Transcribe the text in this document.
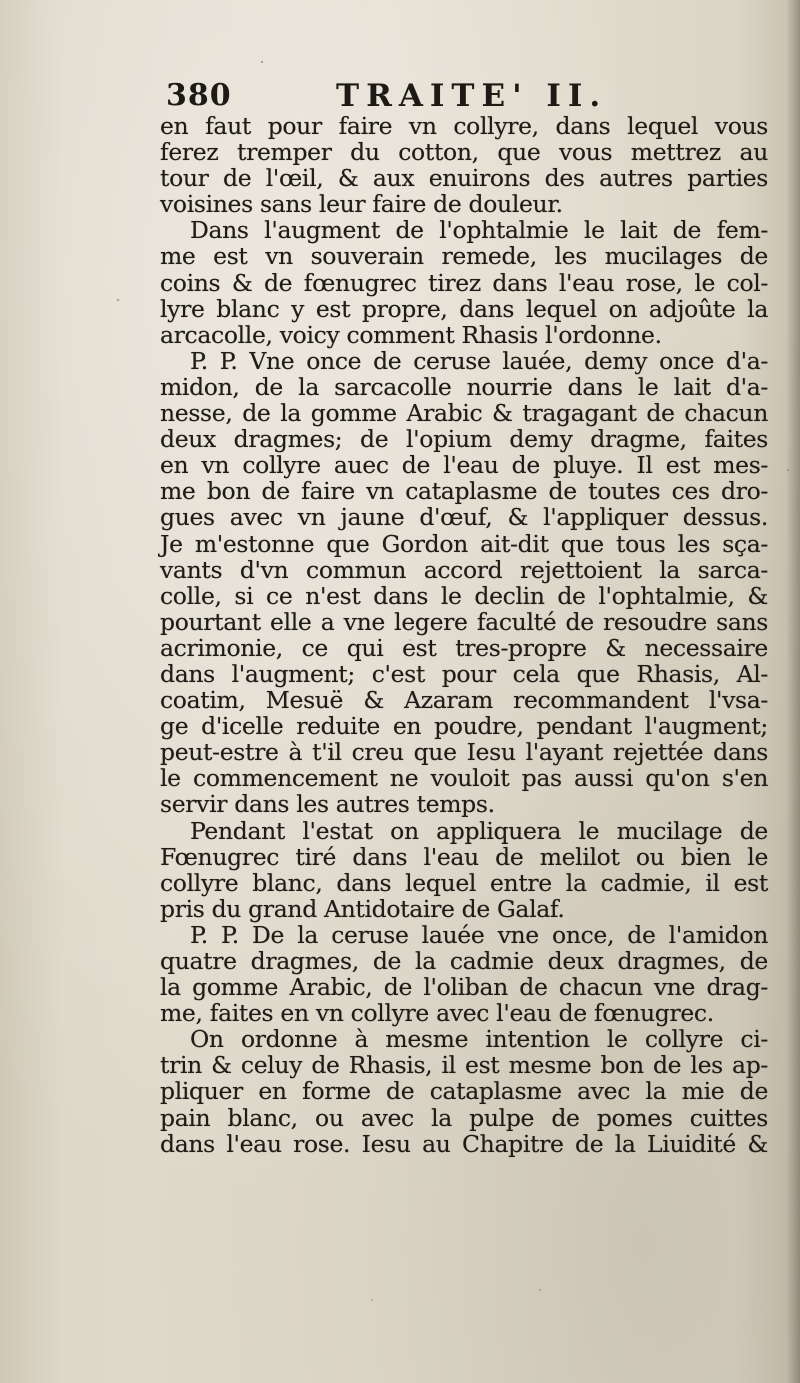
380	TRAITE' II.
en faut pour faire vn collyre, dans lequel vous
ferez tremper du cotton, que vous mettrez au
tour de l'œil, & aux enuirons des autres parties
voisines sans leur faire de douleur.
Dans l'augment de l'ophtalmie le lait de fem-
me est vn souverain remede, les mucilages de
coins & de fœnugrec tirez dans l'eau rose, le col-
lyre blanc y est propre, dans lequel on adjoûte la
arcacolle, voicy comment Rhasis l'ordonne.
P. P. Vne once de ceruse lauée, demy once d'a-
midon, de la sarcacolle nourrie dans le lait d'a-
nesse, de la gomme Arabic & tragagant de chacun
deux dragmes; de l'opium demy dragme, faites
en vn collyre auec de l'eau de pluye. Il est mes-
me bon de faire vn cataplasme de toutes ces dro-
gues avec vn jaune d'œuf, & l'appliquer dessus.
Je m'estonne que Gordon ait-dit que tous les sça-
vants d'vn commun accord rejettoient la sarca-
colle, si ce n'est dans le declin de l'ophtalmie, &
pourtant elle a vne legere faculté de resoudre sans
acrimonie, ce qui est tres-propre & necessaire
dans l'augment; c'est pour cela que Rhasis, Al-
coatim, Mesuë & Azaram recommandent l'vsa-
ge d'icelle reduite en poudre, pendant l'augment;
peut-estre à t'il creu que Iesu l'ayant rejettée dans
le commencement ne vouloit pas aussi qu'on s'en
servir dans les autres temps.
Pendant l'estat on appliquera le mucilage de
Fœnugrec tiré dans l'eau de melilot ou bien le
collyre blanc, dans lequel entre la cadmie, il est
pris du grand Antidotaire de Galaf.
P. P. De la ceruse lauée vne once, de l'amidon
quatre dragmes, de la cadmie deux dragmes, de
la gomme Arabic, de l'oliban de chacun vne drag-
me, faites en vn collyre avec l'eau de fœnugrec.
On ordonne à mesme intention le collyre ci-
trin & celuy de Rhasis, il est mesme bon de les ap-
pliquer en forme de cataplasme avec la mie de
pain blanc, ou avec la pulpe de pomes cuittes
dans l'eau rose. Iesu au Chapitre de la Liuidité &
